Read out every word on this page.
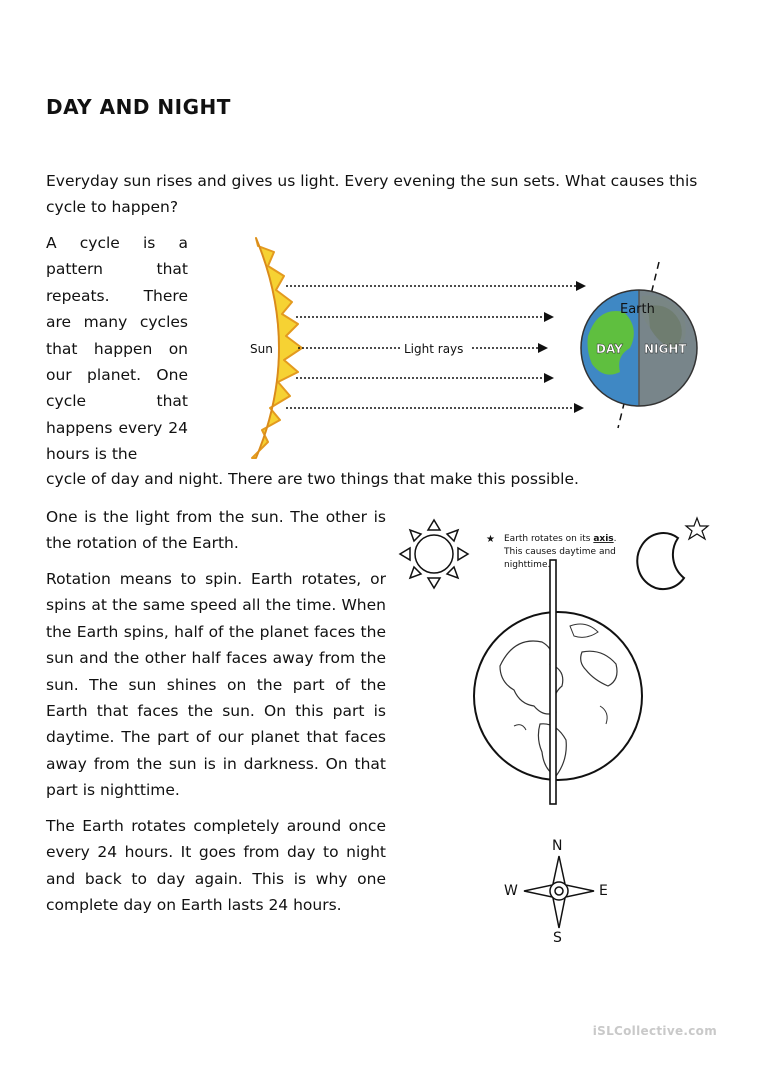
DAY AND NIGHT

Everyday sun rises and gives us light. Every evening the sun sets. What causes this cycle to happen?

A cycle is a pattern that repeats. There are many cycles that happen on our planet. One cycle that happens every 24 hours is the

cycle of day and night. There are two things that make this possible.

One is the light from the sun. The other is the rotation of the Earth.

Rotation means to spin. Earth rotates, or spins at the same speed all the time. When the Earth spins, half of the planet faces the sun and the other half faces away from the sun. The sun shines on the part of the Earth that faces the sun. On this part is daytime. The part of our planet that faces away from the sun is in darkness. On that part is nighttime.

The Earth rotates completely around once every 24 hours. It goes from day to night and back to day again. This is why one complete day on Earth lasts 24 hours.

Sun	Light rays
Earth
DAY NIGHT
★ Earth rotates on its axis.
This causes daytime and
nighttime.
N
S
E
W
iSLCollective.com
